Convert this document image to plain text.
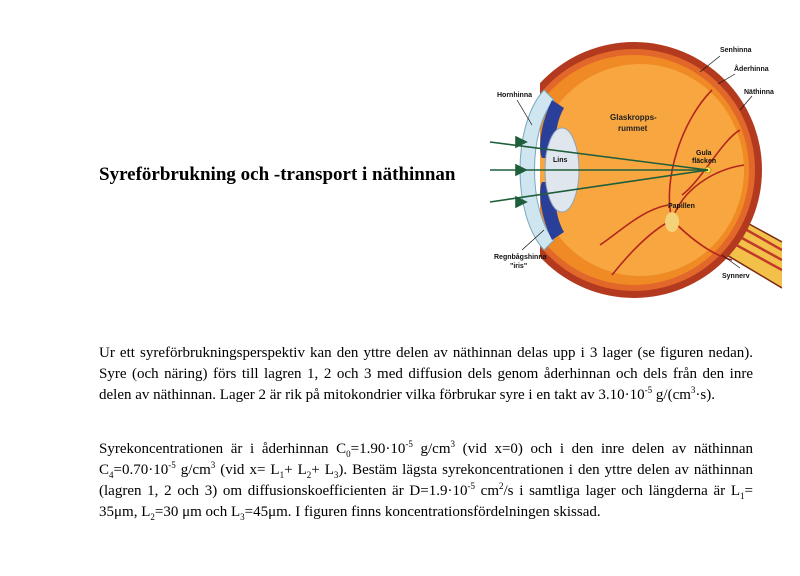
Syreförbrukning och -transport i näthinnan
Hornhinna
Senhinna
Åderhinna
Näthinna
Glaskropps-
rummet
Lins
Gula
fläcken
Papillen
Regnbågshinna
"iris"
Synnerv

Ur ett syreförbrukningsperspektiv kan den yttre delen av näthinnan delas upp i 3 lager (se figuren nedan). Syre (och näring) förs till lagren 1, 2 och 3 med diffusion dels genom åderhinnan och dels från den inre delen av näthinnan. Lager 2 är rik på mitokondrier vilka förbrukar syre i en takt av $3.10\cdot 10^{-5}$ $g/(cm^3\cdot s)$.

Syrekoncentrationen är i åderhinnan $C_0=1.90\cdot 10^{-5}$ $g/cm^3$ (vid x=0) och i den inre delen av näthinnan $C_4=0.70\cdot 10^{-5}$ $g/cm^3$ (vid $x= L_1+ L_2+ L_3$). Bestäm lägsta syrekoncentrationen i den yttre delen av näthinnan (lagren 1, 2 och 3) om diffusionskoefficienten är $D=1.9\cdot 10^{-5}$ $cm^2/s$ i samtliga lager och längderna är $L_1= 35\mu m$, $L_2=30$ μm och $L_3=45\mu m$. I figuren finns koncentrationsfördelningen skissad.
